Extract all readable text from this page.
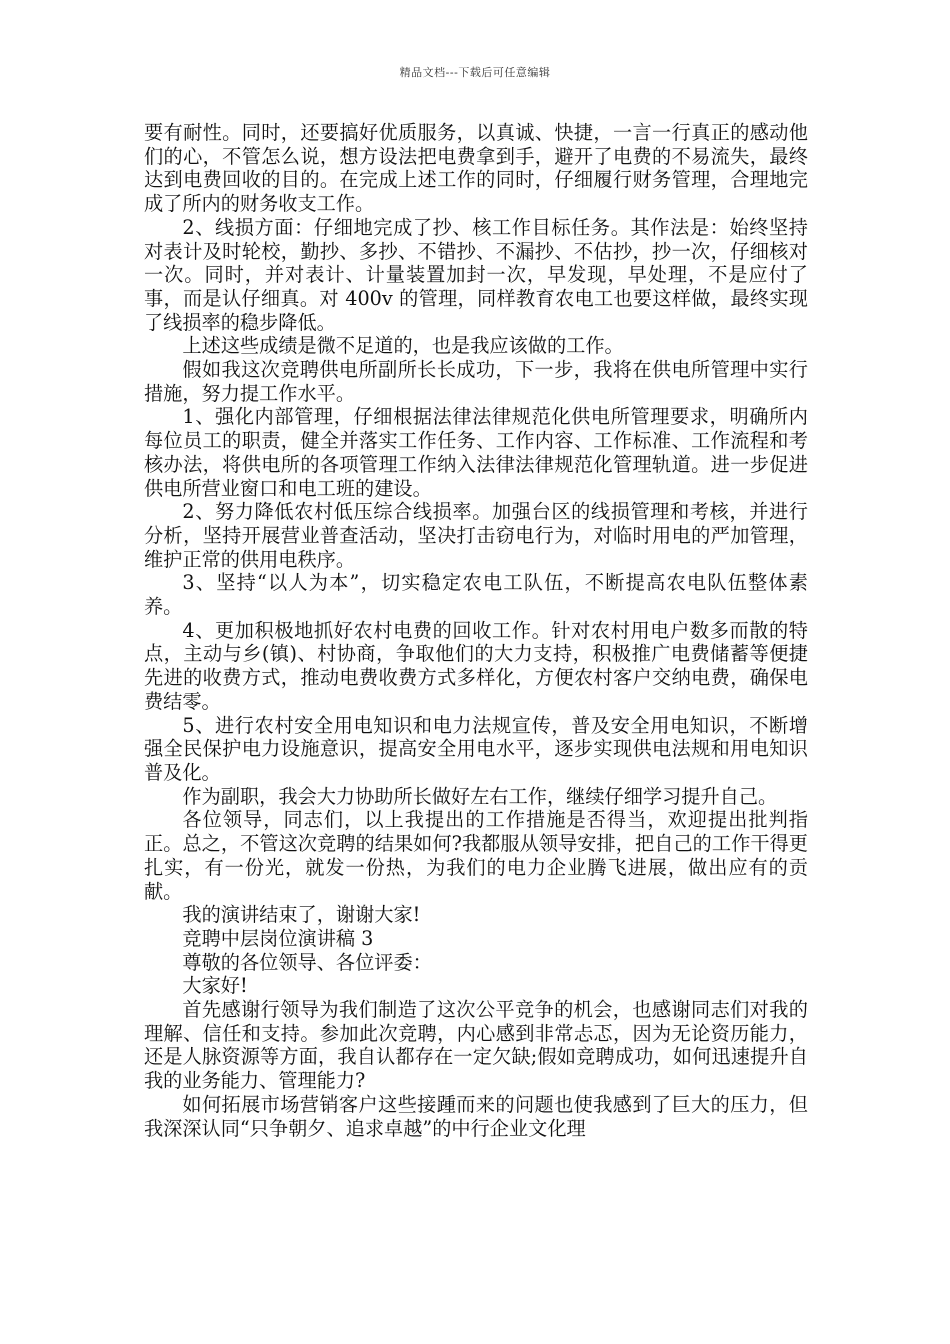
精品文档---下载后可任意编辑

要有耐性。同时，还要搞好优质服务，以真诚、快捷，一言一行真正的感动他们的心，不管怎么说，想方设法把电费拿到手，避开了电费的不易流失，最终达到电费回收的目的。在完成上述工作的同时，仔细履行财务管理，合理地完成了所内的财务收支工作。

2、线损方面：仔细地完成了抄、核工作目标任务。其作法是：始终坚持对表计及时轮校，勤抄、多抄、不错抄、不漏抄、不估抄，抄一次，仔细核对一次。同时，并对表计、计量装置加封一次，早发现，早处理，不是应付了事，而是认仔细真。对 400v 的管理，同样教育农电工也要这样做，最终实现了线损率的稳步降低。

上述这些成绩是微不足道的，也是我应该做的工作。

假如我这次竞聘供电所副所长长成功，下一步，我将在供电所管理中实行措施，努力提工作水平。

1、强化内部管理，仔细根据法律法律规范化供电所管理要求，明确所内每位员工的职责，健全并落实工作任务、工作内容、工作标准、工作流程和考核办法，将供电所的各项管理工作纳入法律法律规范化管理轨道。进一步促进供电所营业窗口和电工班的建设。

2、努力降低农村低压综合线损率。加强台区的线损管理和考核，并进行分析，坚持开展营业普查活动，坚决打击窃电行为，对临时用电的严加管理，维护正常的供用电秩序。

3、坚持“以人为本”，切实稳定农电工队伍，不断提高农电队伍整体素养。

4、更加积极地抓好农村电费的回收工作。针对农村用电户数多而散的特点，主动与乡(镇)、村协商，争取他们的大力支持，积极推广电费储蓄等便捷先进的收费方式，推动电费收费方式多样化，方便农村客户交纳电费，确保电费结零。

5、进行农村安全用电知识和电力法规宣传，普及安全用电知识，不断增强全民保护电力设施意识，提高安全用电水平，逐步实现供电法规和用电知识普及化。

作为副职，我会大力协助所长做好左右工作，继续仔细学习提升自己。

各位领导，同志们，以上我提出的工作措施是否得当，欢迎提出批判指正。总之，不管这次竞聘的结果如何?我都服从领导安排，把自己的工作干得更扎实，有一份光，就发一份热，为我们的电力企业腾飞进展，做出应有的贡献。

我的演讲结束了，谢谢大家!

竞聘中层岗位演讲稿 3

尊敬的各位领导、各位评委：

大家好!

首先感谢行领导为我们制造了这次公平竞争的机会，也感谢同志们对我的理解、信任和支持。参加此次竞聘，内心感到非常忐忑，因为无论资历能力，还是人脉资源等方面，我自认都存在一定欠缺;假如竞聘成功，如何迅速提升自我的业务能力、管理能力?

如何拓展市场营销客户这些接踵而来的问题也使我感到了巨大的压力，但我深深认同“只争朝夕、追求卓越”的中行企业文化理
